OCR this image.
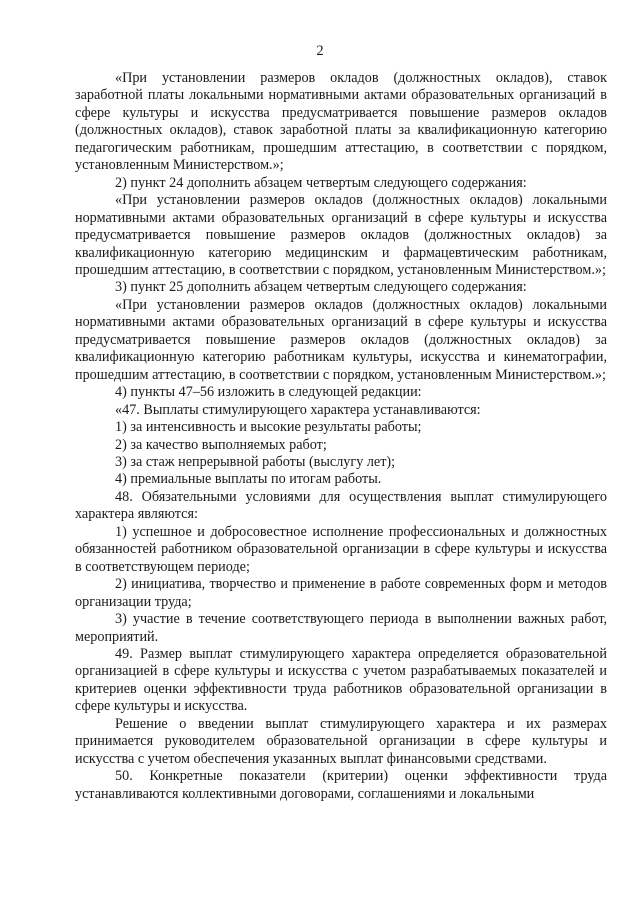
2

«При установлении размеров окладов (должностных окладов), ставок заработной платы локальными нормативными актами образовательных организаций в сфере культуры и искусства предусматривается повышение размеров окладов (должностных окладов), ставок заработной платы за квалификационную категорию педагогическим работникам, прошедшим аттестацию, в соответствии с порядком, установленным Министерством.»;

2) пункт 24 дополнить абзацем четвертым следующего содержания:

«При установлении размеров окладов (должностных окладов) локальными нормативными актами образовательных организаций в сфере культуры и искусства предусматривается повышение размеров окладов (должностных окладов) за квалификационную категорию медицинским и фармацевтическим работникам, прошедшим аттестацию, в соответствии с порядком, установленным Министерством.»;

3) пункт 25 дополнить абзацем четвертым следующего содержания:

«При установлении размеров окладов (должностных окладов) локальными нормативными актами образовательных организаций в сфере культуры и искусства предусматривается повышение размеров окладов (должностных окладов) за квалификационную категорию работникам культуры, искусства и кинематографии, прошедшим аттестацию, в соответствии с порядком, установленным Министерством.»;

4) пункты 47–56 изложить в следующей редакции:

«47. Выплаты стимулирующего характера устанавливаются:

1) за интенсивность и высокие результаты работы;

2) за качество выполняемых работ;

3) за стаж непрерывной работы (выслугу лет);

4) премиальные выплаты по итогам работы.

48. Обязательными условиями для осуществления выплат стимулирующего характера являются:

1) успешное и добросовестное исполнение профессиональных и должностных обязанностей работником образовательной организации в сфере культуры и искусства в соответствующем периоде;

2) инициатива, творчество и применение в работе современных форм и методов организации труда;

3) участие в течение соответствующего периода в выполнении важных работ, мероприятий.

49. Размер выплат стимулирующего характера определяется образовательной организацией в сфере культуры и искусства с учетом разрабатываемых показателей и критериев оценки эффективности труда работников образовательной организации в сфере культуры и искусства.

Решение о введении выплат стимулирующего характера и их размерах принимается руководителем образовательной организации в сфере культуры и искусства с учетом обеспечения указанных выплат финансовыми средствами.

50. Конкретные показатели (критерии) оценки эффективности труда устанавливаются коллективными договорами, соглашениями и локальными
